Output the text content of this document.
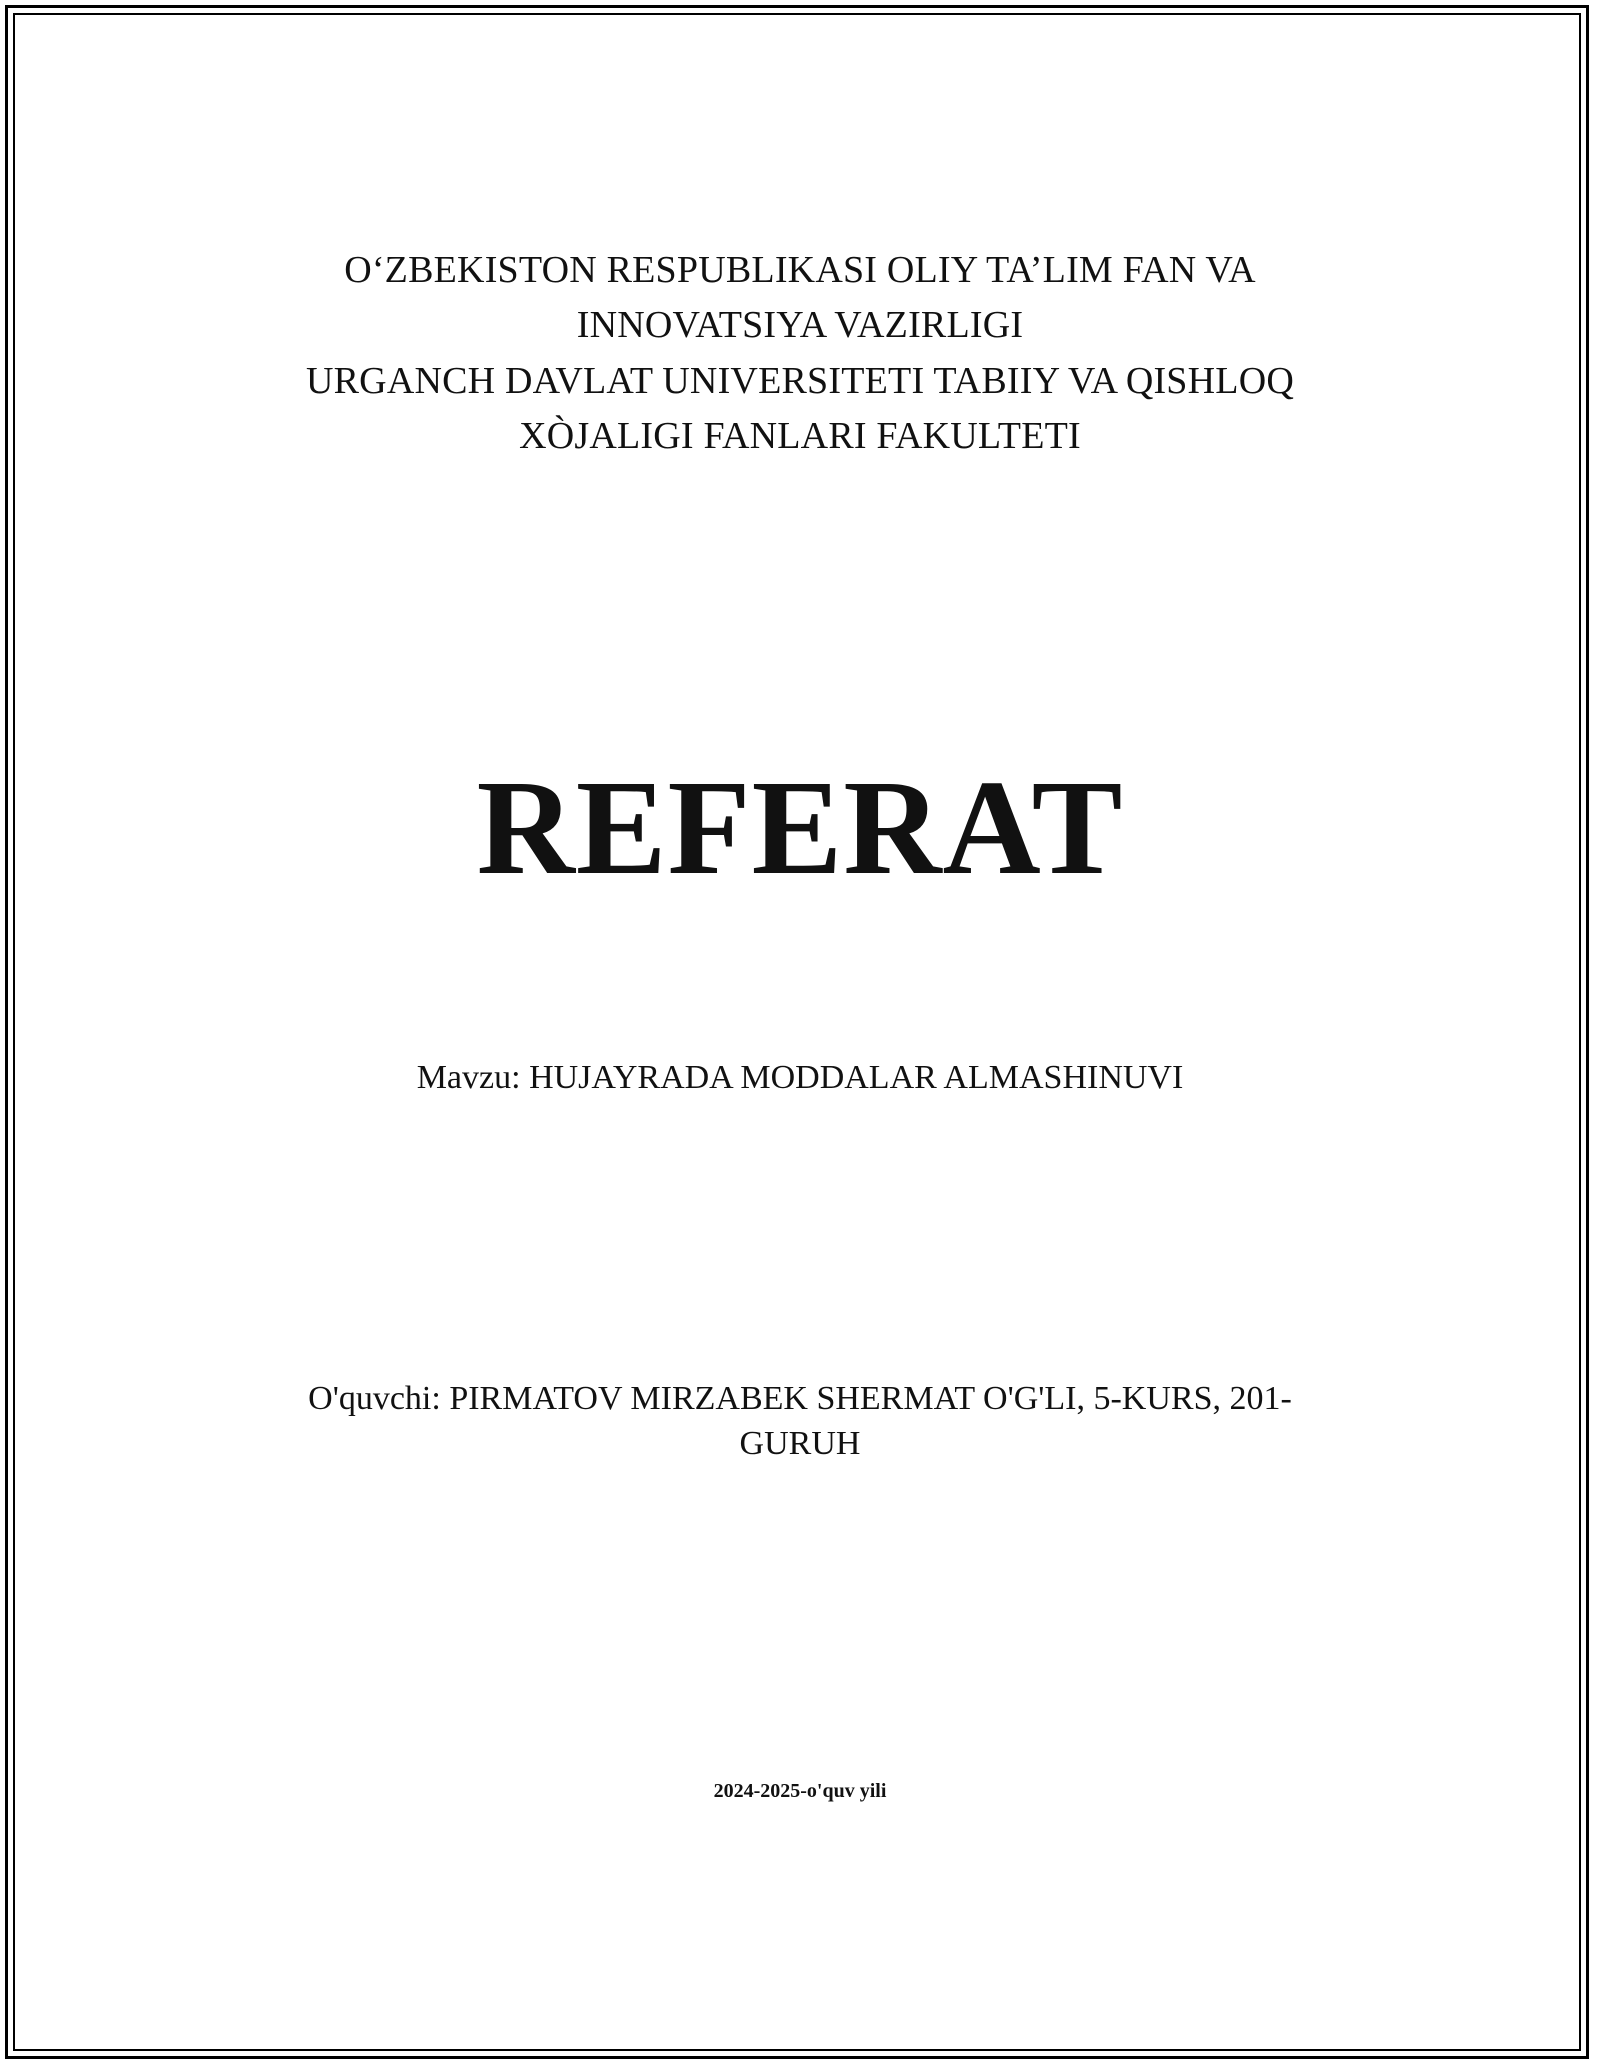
O‘ZBEKISTON RESPUBLIKASI OLIY TA’LIM FAN VA
INNOVATSIYA VAZIRLIGI
URGANCH DAVLAT UNIVERSITETI TABIIY VA QISHLOQ
XÒJALIGI FANLARI FAKULTETI
REFERAT
Mavzu: HUJAYRADA MODDALAR ALMASHINUVI
O'quvchi: PIRMATOV MIRZABEK SHERMAT O'G'LI, 5-KURS, 201-
GURUH
2024-2025-o'quv yili
